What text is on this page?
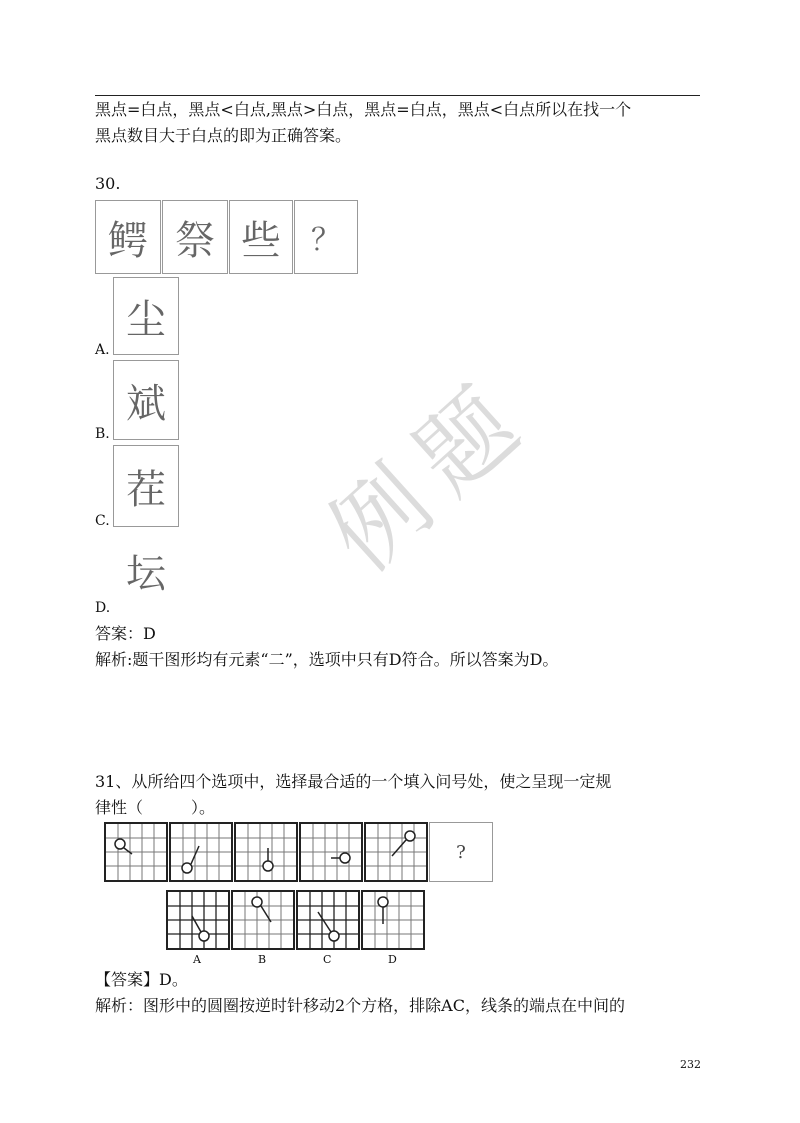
黑点=白点，黑点<白点,黑点>白点，黑点=白点，黑点<白点所以在找一个
黑点数目大于白点的即为正确答案。
30.
鳄 祭 些 ？
A.
尘
B.
斌
C.
茬
坛
D.
答案：D
解析:题干图形均有元素“二”，选项中只有D符合。所以答案为D。
例题
31、从所给四个选项中，选择最合适的一个填入问号处，使之呈现一定规
律性（　　　）。
?
A	B	C	D
【答案】D。
解析：图形中的圆圈按逆时针移动2个方格，排除AC，线条的端点在中间的
232
